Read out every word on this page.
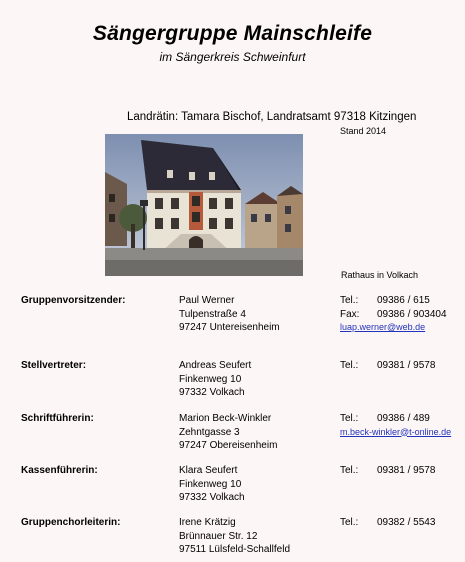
Sängergruppe Mainschleife
im Sängerkreis Schweinfurt
Landrätin: Tamara Bischof, Landratsamt 97318 Kitzingen
Stand 2014
Rathaus in Volkach
Gruppenvorsitzender:	Paul Werner
Tulpenstraße 4
97247 Untereisenheim
Tel.:	09386 / 615
Fax:	09386 / 903404
luap.werner@web.de
Stellvertreter:	Andreas Seufert
Finkenweg 10
97332 Volkach
Tel.:	09381 / 9578
Schriftführerin:	Marion Beck-Winkler
Zehntgasse 3
97247 Obereisenheim
Tel.:	09386 / 489
m.beck-winkler@t-online.de
Kassenführerin:	Klara Seufert
Finkenweg 10
97332 Volkach
Tel.:	09381 / 9578
Gruppenchorleiterin:	Irene Krätzig
Brünnauer Str. 12
97511 Lülsfeld-Schallfeld
Tel.:	09382 / 5543
